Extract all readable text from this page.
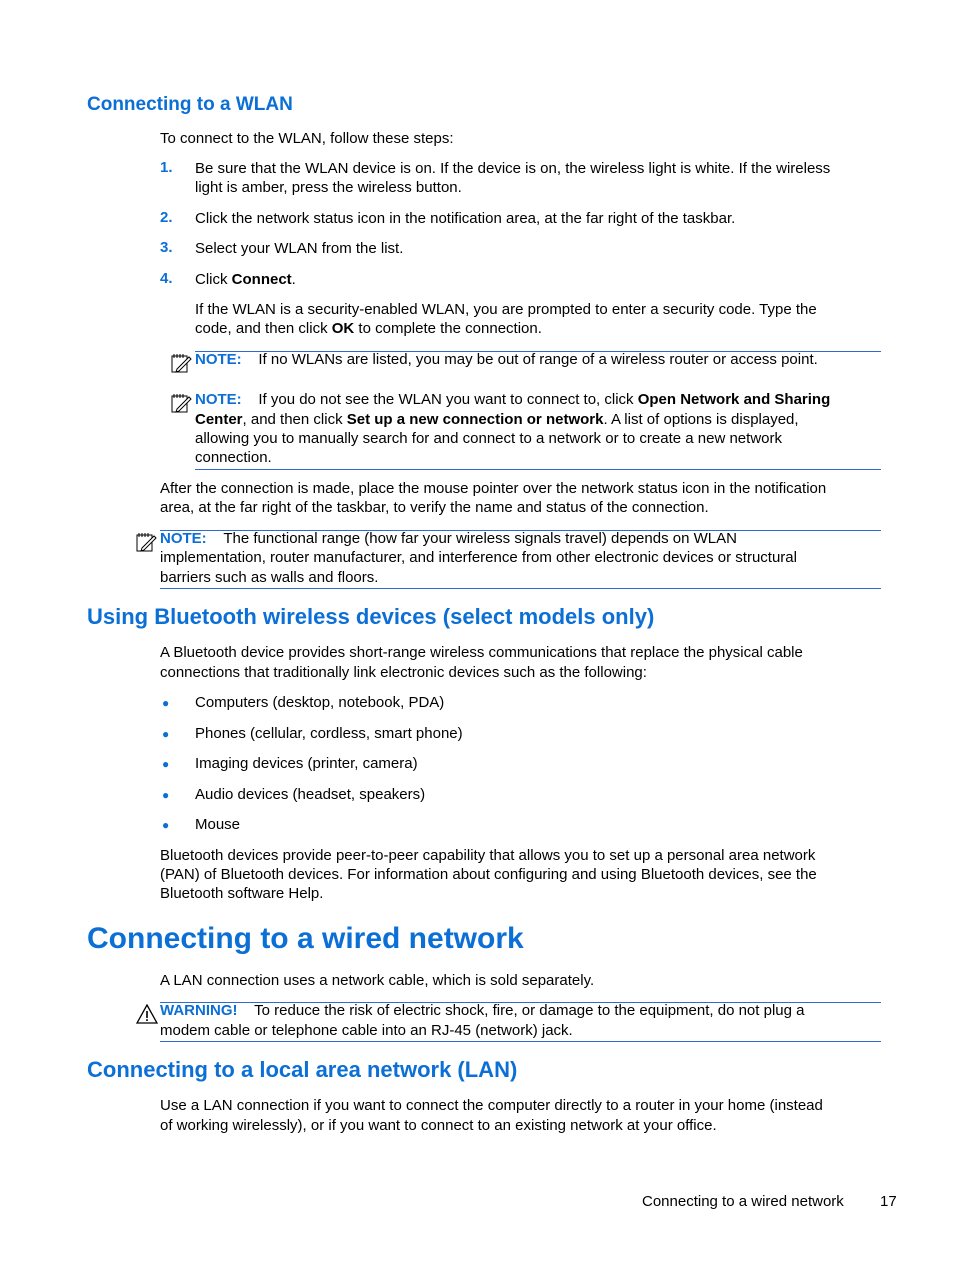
Connecting to a WLAN
To connect to the WLAN, follow these steps:
1. Be sure that the WLAN device is on. If the device is on, the wireless light is white. If the wireless
light is amber, press the wireless button.
2. Click the network status icon in the notification area, at the far right of the taskbar.
3. Select your WLAN from the list.
4. Click Connect.
If the WLAN is a security-enabled WLAN, you are prompted to enter a security code. Type the
code, and then click OK to complete the connection.
NOTE: If no WLANs are listed, you may be out of range of a wireless router or access point.
NOTE: If you do not see the WLAN you want to connect to, click Open Network and Sharing
Center, and then click Set up a new connection or network. A list of options is displayed,
allowing you to manually search for and connect to a network or to create a new network
connection.
After the connection is made, place the mouse pointer over the network status icon in the notification
area, at the far right of the taskbar, to verify the name and status of the connection.
NOTE: The functional range (how far your wireless signals travel) depends on WLAN
implementation, router manufacturer, and interference from other electronic devices or structural
barriers such as walls and floors.
Using Bluetooth wireless devices (select models only)
A Bluetooth device provides short-range wireless communications that replace the physical cable
connections that traditionally link electronic devices such as the following:
● Computers (desktop, notebook, PDA)
● Phones (cellular, cordless, smart phone)
● Imaging devices (printer, camera)
● Audio devices (headset, speakers)
● Mouse
Bluetooth devices provide peer-to-peer capability that allows you to set up a personal area network
(PAN) of Bluetooth devices. For information about configuring and using Bluetooth devices, see the
Bluetooth software Help.
Connecting to a wired network
A LAN connection uses a network cable, which is sold separately.
WARNING! To reduce the risk of electric shock, fire, or damage to the equipment, do not plug a
modem cable or telephone cable into an RJ-45 (network) jack.
Connecting to a local area network (LAN)
Use a LAN connection if you want to connect the computer directly to a router in your home (instead
of working wirelessly), or if you want to connect to an existing network at your office.
Connecting to a wired network 17
